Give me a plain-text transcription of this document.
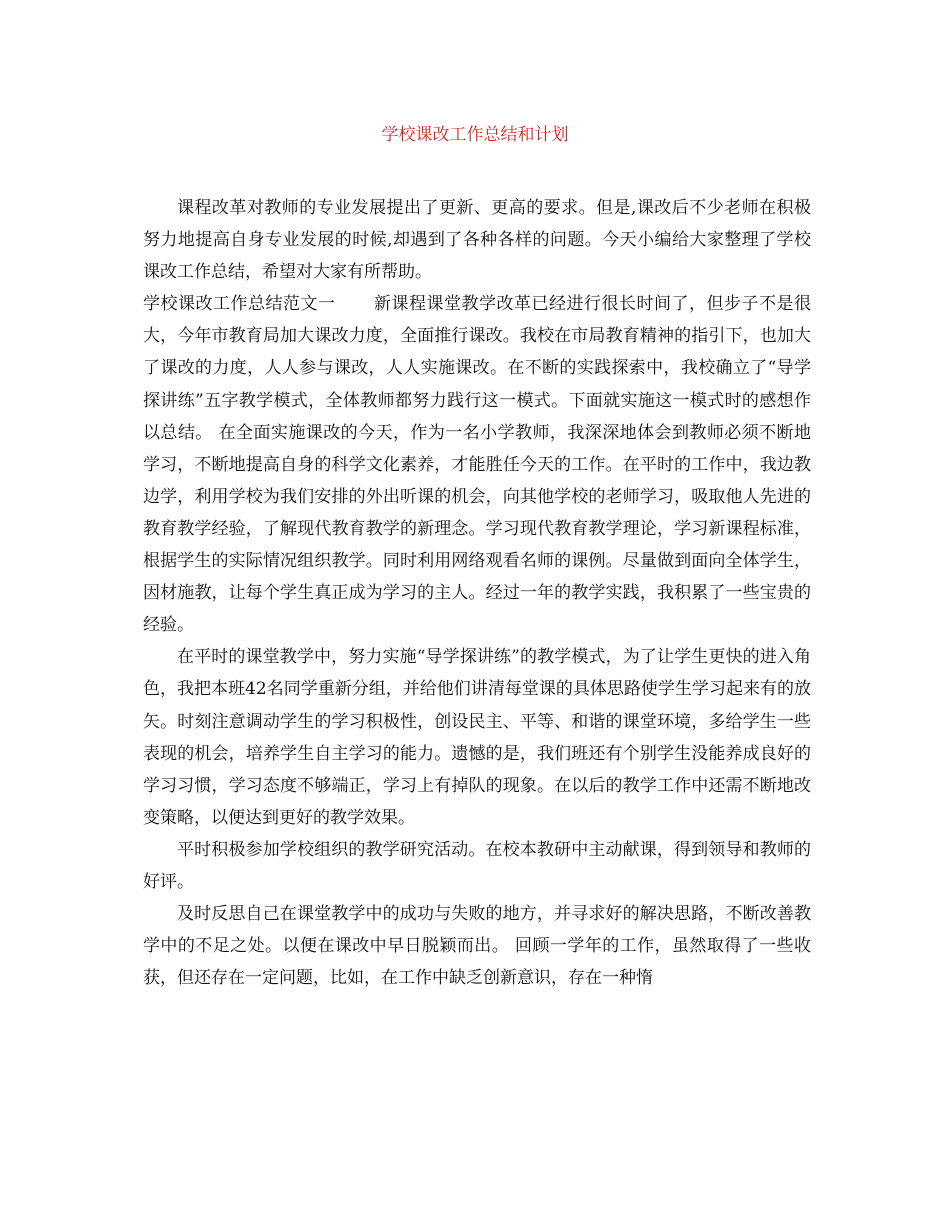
学校课改工作总结和计划

课程改革对教师的专业发展提出了更新、更高的要求。但是,课改后不少老师在积极努力地提高自身专业发展的时候,却遇到了各种各样的问题。今天小编给大家整理了学校课改工作总结，希望对大家有所帮助。

学校课改工作总结范文一 新课程课堂教学改革已经进行很长时间了，但步子不是很大，今年市教育局加大课改力度，全面推行课改。我校在市局教育精神的指引下，也加大了课改的力度，人人参与课改，人人实施课改。在不断的实践探索中，我校确立了“导学探讲练”五字教学模式，全体教师都努力践行这一模式。下面就实施这一模式时的感想作以总结。 在全面实施课改的今天，作为一名小学教师，我深深地体会到教师必须不断地学习，不断地提高自身的科学文化素养，才能胜任今天的工作。在平时的工作中，我边教边学，利用学校为我们安排的外出听课的机会，向其他学校的老师学习，吸取他人先进的教育教学经验，了解现代教育教学的新理念。学习现代教育教学理论，学习新课程标准，根据学生的实际情况组织教学。同时利用网络观看名师的课例。尽量做到面向全体学生，因材施教，让每个学生真正成为学习的主人。经过一年的教学实践，我积累了一些宝贵的经验。

在平时的课堂教学中，努力实施“导学探讲练”的教学模式，为了让学生更快的进入角色，我把本班42名同学重新分组，并给他们讲清每堂课的具体思路使学生学习起来有的放矢。时刻注意调动学生的学习积极性，创设民主、平等、和谐的课堂环境，多给学生一些表现的机会，培养学生自主学习的能力。遗憾的是，我们班还有个别学生没能养成良好的学习习惯，学习态度不够端正，学习上有掉队的现象。在以后的教学工作中还需不断地改变策略，以便达到更好的教学效果。

平时积极参加学校组织的教学研究活动。在校本教研中主动献课，得到领导和教师的好评。

及时反思自己在课堂教学中的成功与失败的地方，并寻求好的解决思路，不断改善教学中的不足之处。以便在课改中早日脱颖而出。 回顾一学年的工作，虽然取得了一些收获，但还存在一定问题，比如，在工作中缺乏创新意识，存在一种惰
